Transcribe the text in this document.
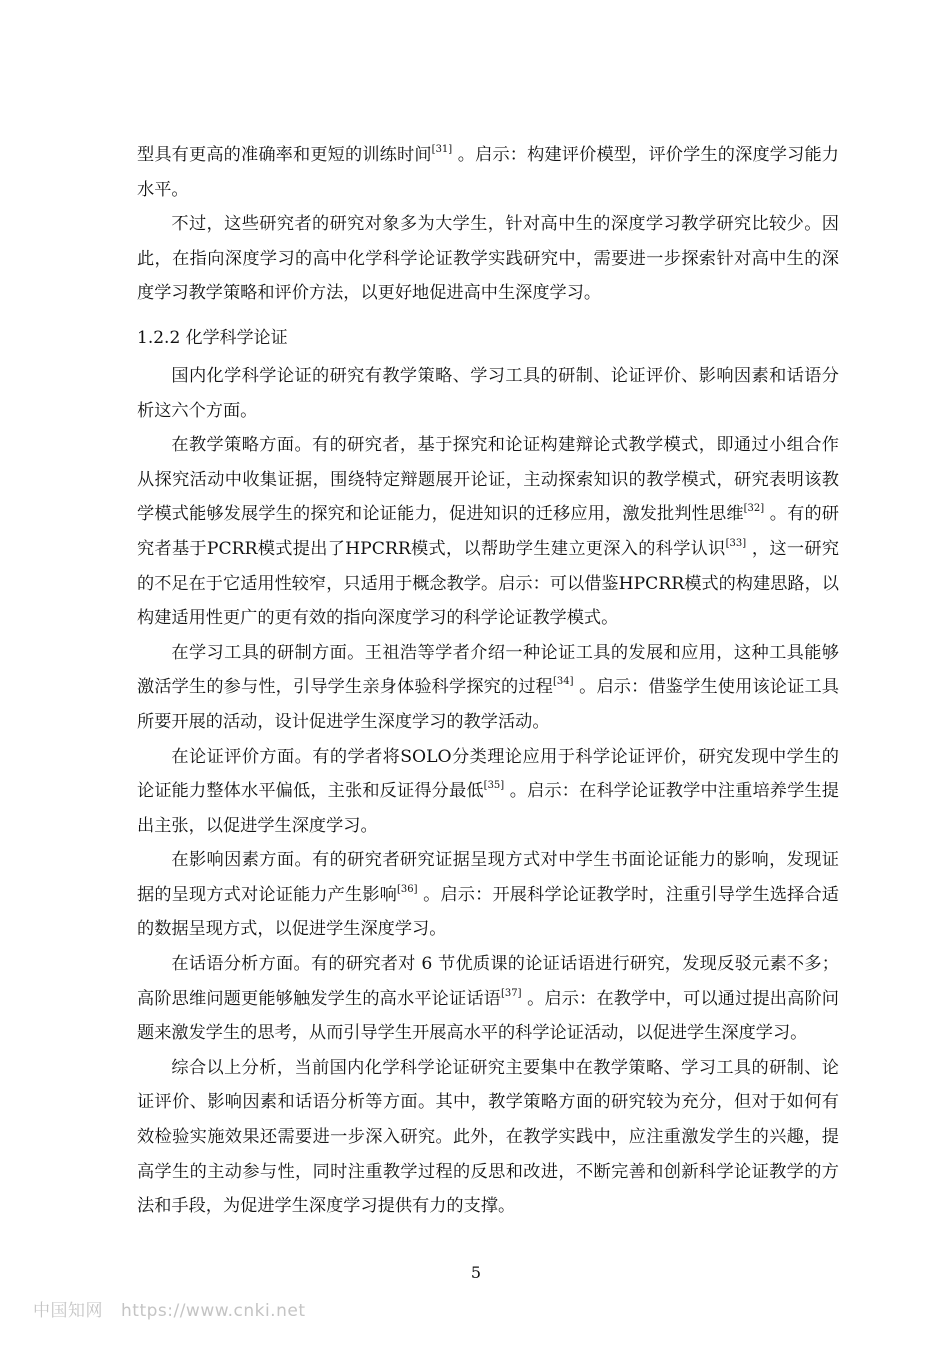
型具有更高的准确率和更短的训练时间[31] 。启示：构建评价模型，评价学生的深度学习能力水平。

不过，这些研究者的研究对象多为大学生，针对高中生的深度学习教学研究比较少。因此，在指向深度学习的高中化学科学论证教学实践研究中，需要进一步探索针对高中生的深度学习教学策略和评价方法，以更好地促进高中生深度学习。

1.2.2 化学科学论证

国内化学科学论证的研究有教学策略、学习工具的研制、论证评价、影响因素和话语分析这六个方面。

在教学策略方面。有的研究者，基于探究和论证构建辩论式教学模式，即通过小组合作从探究活动中收集证据，围绕特定辩题展开论证，主动探索知识的教学模式，研究表明该教学模式能够发展学生的探究和论证能力，促进知识的迁移应用，激发批判性思维[32] 。有的研究者基于PCRR模式提出了HPCRR模式，以帮助学生建立更深入的科学认识[33] ，这一研究的不足在于它适用性较窄，只适用于概念教学。启示：可以借鉴HPCRR模式的构建思路，以构建适用性更广的更有效的指向深度学习的科学论证教学模式。

在学习工具的研制方面。王祖浩等学者介绍一种论证工具的发展和应用，这种工具能够激活学生的参与性，引导学生亲身体验科学探究的过程[34] 。启示：借鉴学生使用该论证工具所要开展的活动，设计促进学生深度学习的教学活动。

在论证评价方面。有的学者将SOLO分类理论应用于科学论证评价，研究发现中学生的论证能力整体水平偏低，主张和反证得分最低[35] 。启示：在科学论证教学中注重培养学生提出主张，以促进学生深度学习。

在影响因素方面。有的研究者研究证据呈现方式对中学生书面论证能力的影响，发现证据的呈现方式对论证能力产生影响[36] 。启示：开展科学论证教学时，注重引导学生选择合适的数据呈现方式，以促进学生深度学习。

在话语分析方面。有的研究者对 6 节优质课的论证话语进行研究，发现反驳元素不多；高阶思维问题更能够触发学生的高水平论证话语[37] 。启示：在教学中，可以通过提出高阶问题来激发学生的思考，从而引导学生开展高水平的科学论证活动，以促进学生深度学习。

综合以上分析，当前国内化学科学论证研究主要集中在教学策略、学习工具的研制、论证评价、影响因素和话语分析等方面。其中，教学策略方面的研究较为充分，但对于如何有效检验实施效果还需要进一步深入研究。此外，在教学实践中，应注重激发学生的兴趣，提高学生的主动参与性，同时注重教学过程的反思和改进，不断完善和创新科学论证教学的方法和手段，为促进学生深度学习提供有力的支撑。

5
中国知网 https://www.cnki.net
